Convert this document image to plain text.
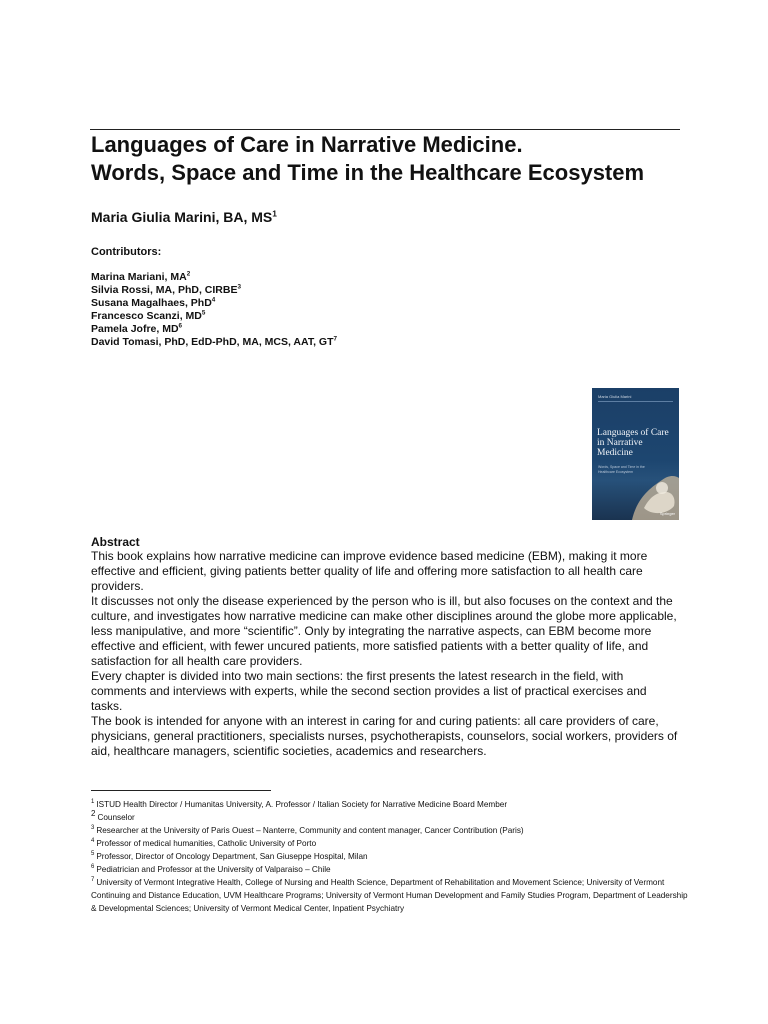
Languages of Care in Narrative Medicine.
Words, Space and Time in the Healthcare Ecosystem
Maria Giulia Marini, BA, $MS^1$
Contributors:
Marina Mariani, $MA^2$
Silvia Rossi, MA, PhD, CIRBE$^3$
Susana Magalhaes, PhD$^4$
Francesco Scanzi, $MD^5$
Pamela Jofre, $MD^6$
David Tomasi, PhD, EdD-PhD, MA, MCS, AAT, $GT^7$
Maria Giulia Marini
Languages of Care in Narrative Medicine
Words, Space and Time in the Healthcare Ecosystem
Springer
Abstract

This book explains how narrative medicine can improve evidence based medicine (EBM), making it more effective and efficient, giving patients better quality of life and offering more satisfaction to all health care providers.

It discusses not only the disease experienced by the person who is ill, but also focuses on the context and the culture, and investigates how narrative medicine can make other disciplines around the globe more applicable, less manipulative, and more “scientific”. Only by integrating the narrative aspects, can EBM become more effective and efficient, with fewer uncured patients, more satisfied patients with a better quality of life, and satisfaction for all health care providers.

Every chapter is divided into two main sections: the first presents the latest research in the field, with comments and interviews with experts, while the second section provides a list of practical exercises and tasks.

The book is intended for anyone with an interest in caring for and curing patients: all care providers of care, physicians, general practitioners, specialists nurses, psychotherapists, counselors, social workers, providers of aid, healthcare managers, scientific societies, academics and researchers.

$^1$ ISTUD Health Director / Humanitas University, A. Professor / Italian Society for Narrative Medicine Board Member
2 Counselor
$^3$ Researcher at the University of Paris Ouest – Nanterre, Community and content manager, Cancer Contribution (Paris)
$^4$ Professor of medical humanities, Catholic University of Porto
$^5$ Professor, Director of Oncology Department, San Giuseppe Hospital, Milan
$^6$ Pediatrician and Professor at the University of Valparaiso – Chile
$^7$ University of Vermont Integrative Health, College of Nursing and Health Science, Department of Rehabilitation and Movement Science; University of Vermont Continuing and Distance Education, UVM Healthcare Programs; University of Vermont Human Development and Family Studies Program, Department of Leadership & Developmental Sciences; University of Vermont Medical Center, Inpatient Psychiatry
